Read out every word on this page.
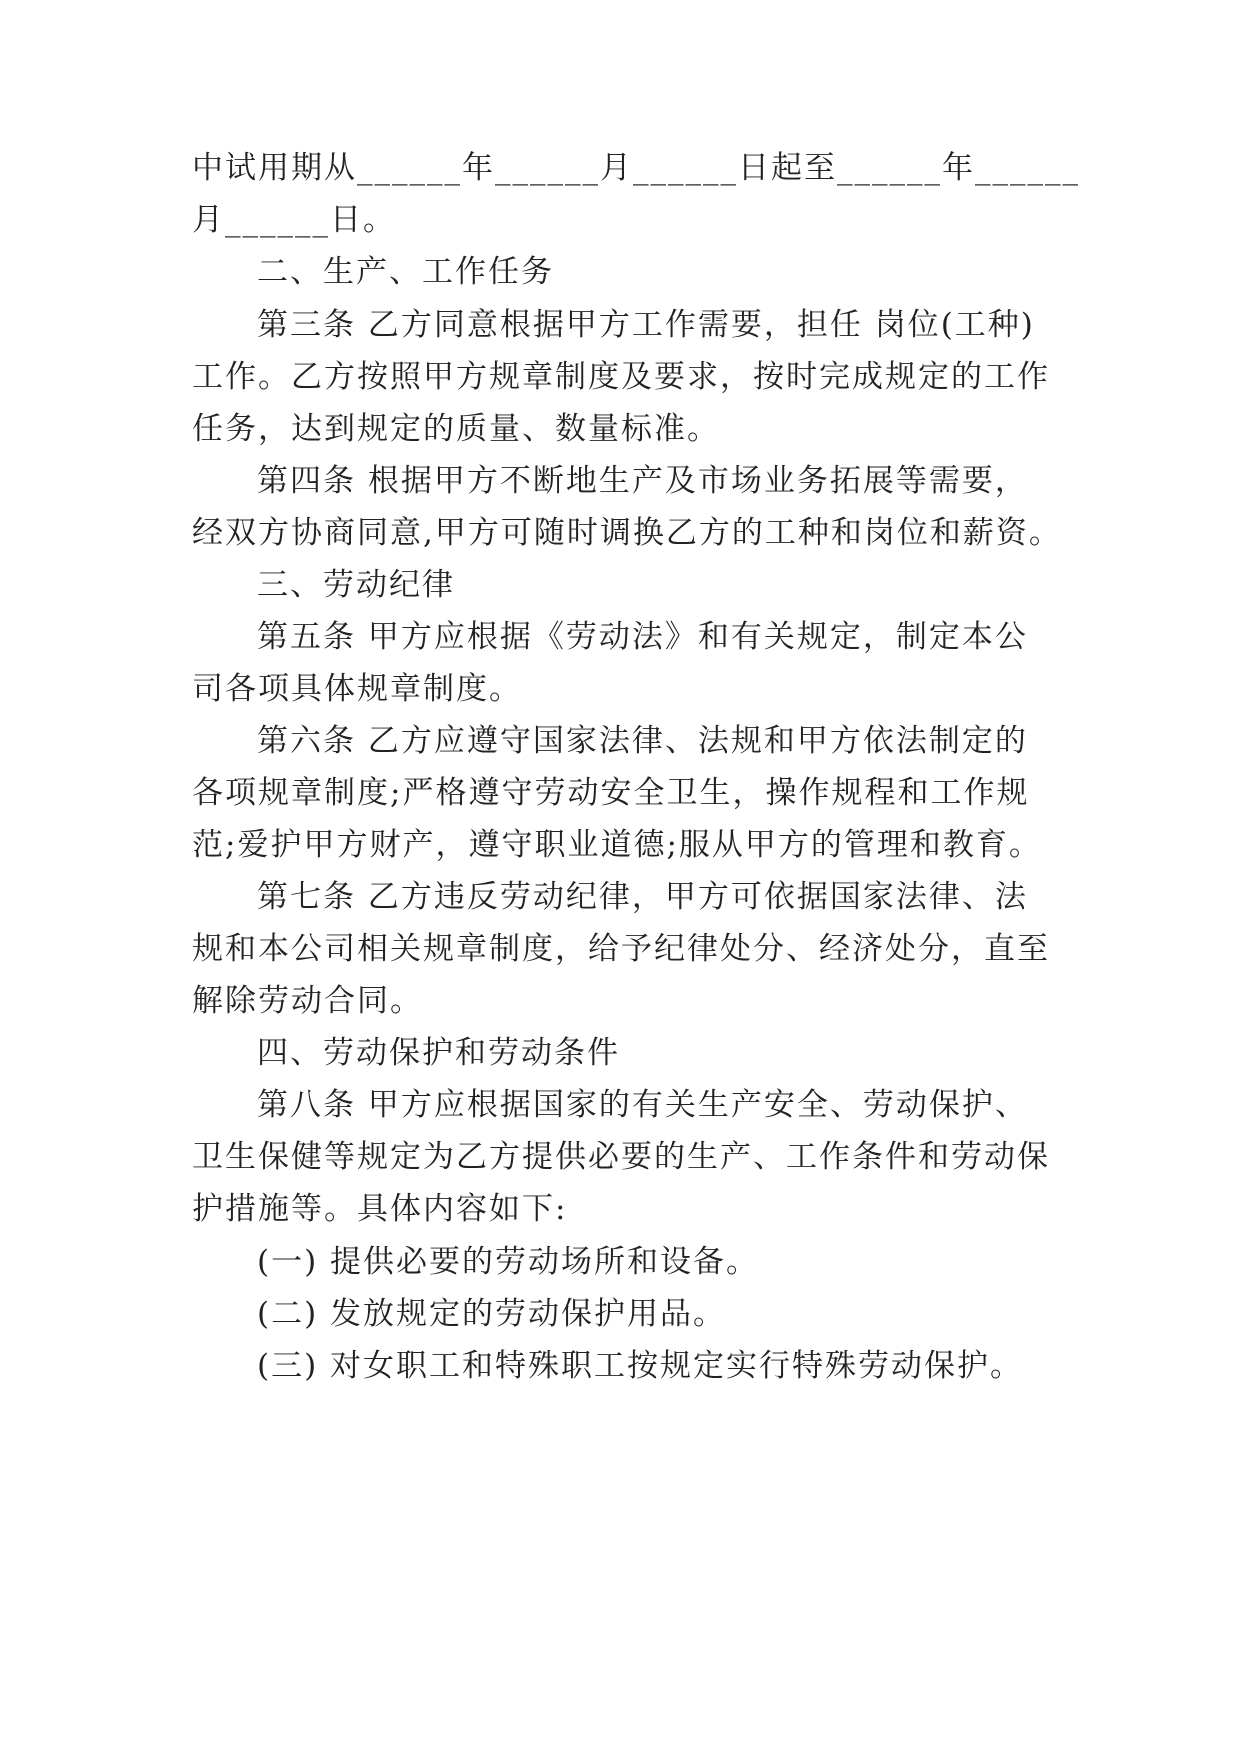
中试用期从______年______月______日起至______年______
月______日。
二、生产、工作任务
第三条 乙方同意根据甲方工作需要，担任 岗位(工种)
工作。乙方按照甲方规章制度及要求，按时完成规定的工作
任务，达到规定的质量、数量标准。
第四条 根据甲方不断地生产及市场业务拓展等需要，
经双方协商同意,甲方可随时调换乙方的工种和岗位和薪资。
三、劳动纪律
第五条 甲方应根据《劳动法》和有关规定，制定本公
司各项具体规章制度。
第六条 乙方应遵守国家法律、法规和甲方依法制定的
各项规章制度;严格遵守劳动安全卫生，操作规程和工作规
范;爱护甲方财产，遵守职业道德;服从甲方的管理和教育。
第七条 乙方违反劳动纪律，甲方可依据国家法律、法
规和本公司相关规章制度，给予纪律处分、经济处分，直至
解除劳动合同。
四、劳动保护和劳动条件
第八条 甲方应根据国家的有关生产安全、劳动保护、
卫生保健等规定为乙方提供必要的生产、工作条件和劳动保
护措施等。具体内容如下:
(一) 提供必要的劳动场所和设备。
(二) 发放规定的劳动保护用品。
(三) 对女职工和特殊职工按规定实行特殊劳动保护。
